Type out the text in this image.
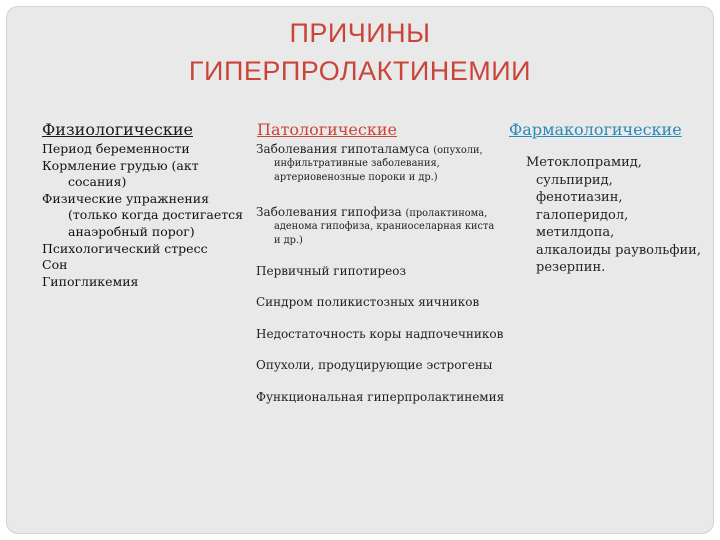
ПРИЧИНЫ
ГИПЕРПРОЛАКТИНЕМИИ
Физиологические	Патологические	Фармакологические
Период беременности
Кормление грудью (акт
сосания)
Физические упражнения
(только когда достигается
анаэробный порог)
Психологический стресс
Сон
Гипогликемия
Заболевания гипоталамуса (опухоли,
инфильтративные заболевания,
артериовенозные пороки и др.)
Заболевания гипофиза (пролактинома,
аденома гипофиза, краниоселарная киста
и др.)
Первичный гипотиреоз
Синдром поликистозных яичников
Недостаточность коры надпочечников
Опухоли, продуцирующие эстрогены
Функциональная гиперпролактинемия
Метоклопрамид,
сульпирид,
фенотиазин,
галоперидол,
метилдопа,
алкалоиды раувольфии,
резерпин.
